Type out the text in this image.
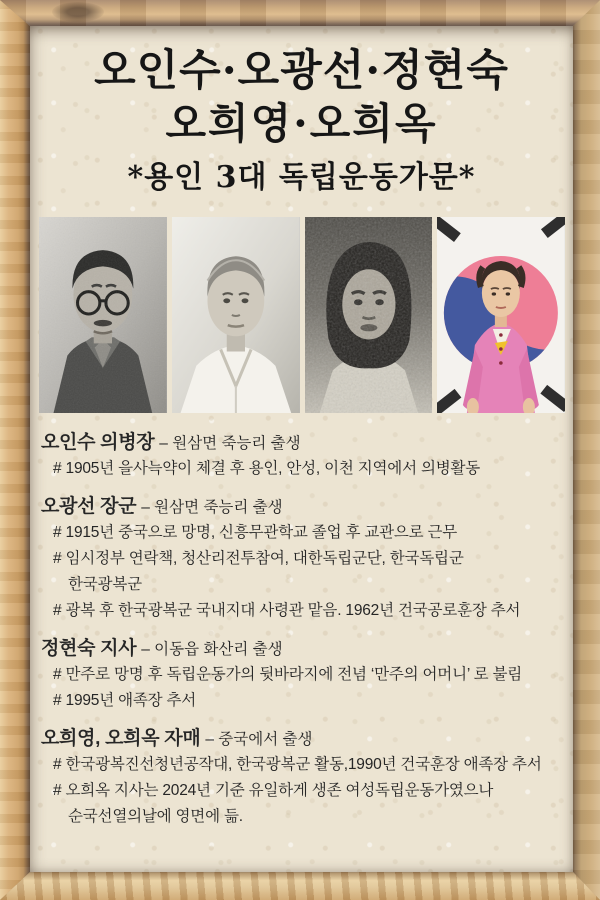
오인수·오광선·정현숙
오희영·오희옥
*용인 3대 독립운동가문*
오인수 의병장 – 원삼면 죽능리 출생
# 1905년 을사늑약이 체결 후 용인, 안성, 이천 지역에서 의병활동
오광선 장군 – 원삼면 죽능리 출생
# 1915년 중국으로 망명, 신흥무관학교 졸업 후 교관으로 근무
# 임시정부 연락책, 청산리전투참여, 대한독립군단, 한국독립군
한국광복군
# 광복 후 한국광복군 국내지대 사령관 맡음. 1962년 건국공로훈장 추서
정현숙 지사 – 이동읍 화산리 출생
# 만주로 망명 후 독립운동가의 뒷바라지에 전념 ‘만주의 어머니’ 로 불림
# 1995년 애족장 추서
오희영, 오희옥 자매 – 중국에서 출생
# 한국광복진선청년공작대, 한국광복군 활동,1990년 건국훈장 애족장 추서
# 오희옥 지사는 2024년 기준 유일하게 생존 여성독립운동가였으나
순국선열의날에 영면에 듦.
